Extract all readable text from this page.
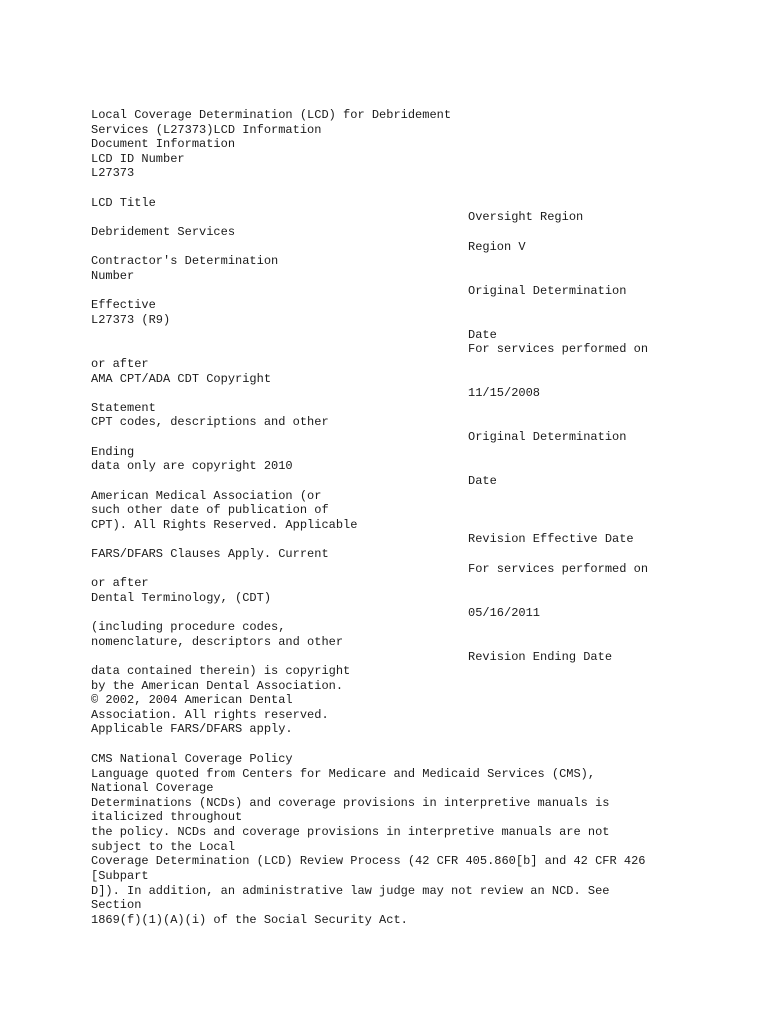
Local Coverage Determination (LCD) for Debridement
Services (L27373)LCD Information
Document Information
LCD ID Number
L27373
LCD Title
Oversight Region
Debridement Services
Region V
Contractor's Determination
Number
Original Determination
Effective
L27373 (R9)
Date
For services performed on
or after
AMA CPT/ADA CDT Copyright
11/15/2008
Statement
CPT codes, descriptions and other
Original Determination
Ending
data only are copyright 2010
Date
American Medical Association (or
such other date of publication of
CPT). All Rights Reserved. Applicable
Revision Effective Date
FARS/DFARS Clauses Apply. Current
For services performed on
or after
Dental Terminology, (CDT)
05/16/2011
(including procedure codes,
nomenclature, descriptors and other
Revision Ending Date
data contained therein) is copyright
by the American Dental Association.
© 2002, 2004 American Dental
Association. All rights reserved.
Applicable FARS/DFARS apply.
CMS National Coverage Policy
Language quoted from Centers for Medicare and Medicaid Services (CMS),
National Coverage
Determinations (NCDs) and coverage provisions in interpretive manuals is
italicized throughout
the policy. NCDs and coverage provisions in interpretive manuals are not
subject to the Local
Coverage Determination (LCD) Review Process (42 CFR 405.860[b] and 42 CFR 426
[Subpart
D]). In addition, an administrative law judge may not review an NCD. See
Section
1869(f)(1)(A)(i) of the Social Security Act.
